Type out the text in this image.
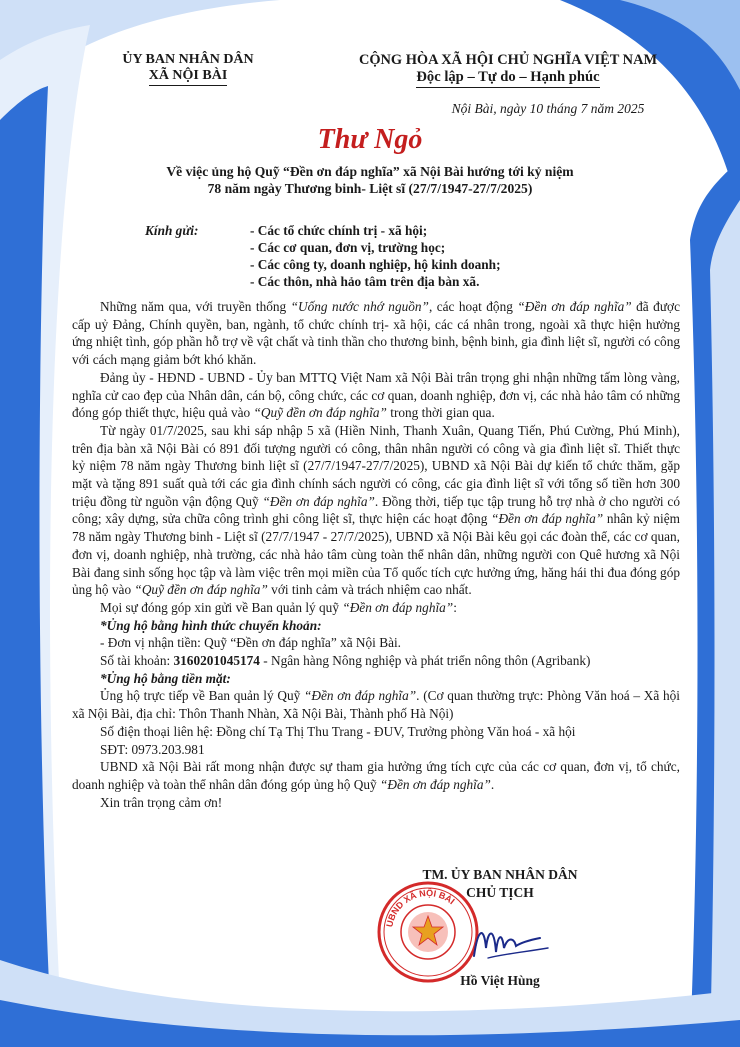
ỦY BAN NHÂN DÂN
XÃ NỘI BÀI
CỘNG HÒA XÃ HỘI CHỦ NGHĨA VIỆT NAM
Độc lập – Tự do – Hạnh phúc
Nội Bài, ngày 10 tháng 7 năm 2025
Thư Ngỏ
Về việc ủng hộ Quỹ “Đền ơn đáp nghĩa” xã Nội Bài hướng tới kỷ niệm
78 năm ngày Thương binh- Liệt sĩ (27/7/1947-27/7/2025)
Kính gửi:	- Các tổ chức chính trị - xã hội;
- Các cơ quan, đơn vị, trường học;
- Các công ty, doanh nghiệp, hộ kinh doanh;
- Các thôn, nhà hảo tâm trên địa bàn xã.

Những năm qua, với truyền thống “Uống nước nhớ nguồn”, các hoạt động “Đền ơn đáp nghĩa” đã được cấp uỷ Đảng, Chính quyền, ban, ngành, tổ chức chính trị- xã hội, các cá nhân trong, ngoài xã thực hiện hưởng ứng nhiệt tình, góp phần hỗ trợ về vật chất và tinh thần cho thương binh, bệnh binh, gia đình liệt sĩ, người có công với cách mạng giảm bớt khó khăn.

Đảng ủy - HĐND - UBND - Ủy ban MTTQ Việt Nam xã Nội Bài trân trọng ghi nhận những tấm lòng vàng, nghĩa cử cao đẹp của Nhân dân, cán bộ, công chức, các cơ quan, doanh nghiệp, đơn vị, các nhà hảo tâm có những đóng góp thiết thực, hiệu quả vào “Quỹ đền ơn đáp nghĩa” trong thời gian qua.

Từ ngày 01/7/2025, sau khi sáp nhập 5 xã (Hiền Ninh, Thanh Xuân, Quang Tiến, Phú Cường, Phú Minh), trên địa bàn xã Nội Bài có 891 đối tượng người có công, thân nhân người có công và gia đình liệt sĩ. Thiết thực kỷ niệm 78 năm ngày Thương binh liệt sĩ (27/7/1947-27/7/2025), UBND xã Nội Bài dự kiến tổ chức thăm, gặp mặt và tặng 891 suất quà tới các gia đình chính sách người có công, các gia đình liệt sĩ với tổng số tiền hơn 300 triệu đồng từ nguồn vận động Quỹ “Đền ơn đáp nghĩa”. Đồng thời, tiếp tục tập trung hỗ trợ nhà ở cho người có công; xây dựng, sửa chữa công trình ghi công liệt sĩ, thực hiện các hoạt động “Đền ơn đáp nghĩa” nhân kỷ niệm 78 năm ngày Thương binh - Liệt sĩ (27/7/1947 - 27/7/2025), UBND xã Nội Bài kêu gọi các đoàn thể, các cơ quan, đơn vị, doanh nghiệp, nhà trường, các nhà hảo tâm cùng toàn thể nhân dân, những người con Quê hương xã Nội Bài đang sinh sống học tập và làm việc trên mọi miền của Tổ quốc tích cực hưởng ứng, hăng hái thi đua đóng góp ủng hộ vào “Quỹ đền ơn đáp nghĩa” với tinh cảm và trách nhiệm cao nhất.

Mọi sự đóng góp xin gửi về Ban quản lý quỹ “Đền ơn đáp nghĩa”:

*Ủng hộ bằng hình thức chuyển khoản:

- Đơn vị nhận tiền: Quỹ “Đền ơn đáp nghĩa” xã Nội Bài.

Số tài khoản: 3160201045174 - Ngân hàng Nông nghiệp và phát triển nông thôn (Agribank)

*Ủng hộ bằng tiền mặt:

Ủng hộ trực tiếp về Ban quản lý Quỹ “Đền ơn đáp nghĩa”. (Cơ quan thường trực: Phòng Văn hoá – Xã hội xã Nội Bài, địa chỉ: Thôn Thanh Nhàn, Xã Nội Bài, Thành phố Hà Nội)

Số điện thoại liên hệ: Đồng chí Tạ Thị Thu Trang - ĐUV, Trưởng phòng Văn hoá - xã hội

SĐT: 0973.203.981

UBND xã Nội Bài rất mong nhận được sự tham gia hưởng ứng tích cực của các cơ quan, đơn vị, tổ chức, doanh nghiệp và toàn thể nhân dân đóng góp ủng hộ Quỹ “Đền ơn đáp nghĩa”.

Xin trân trọng cảm ơn!

TM. ỦY BAN NHÂN DÂN
CHỦ TỊCH
UBND XÃ NỘI BÀI
Hồ Việt Hùng
